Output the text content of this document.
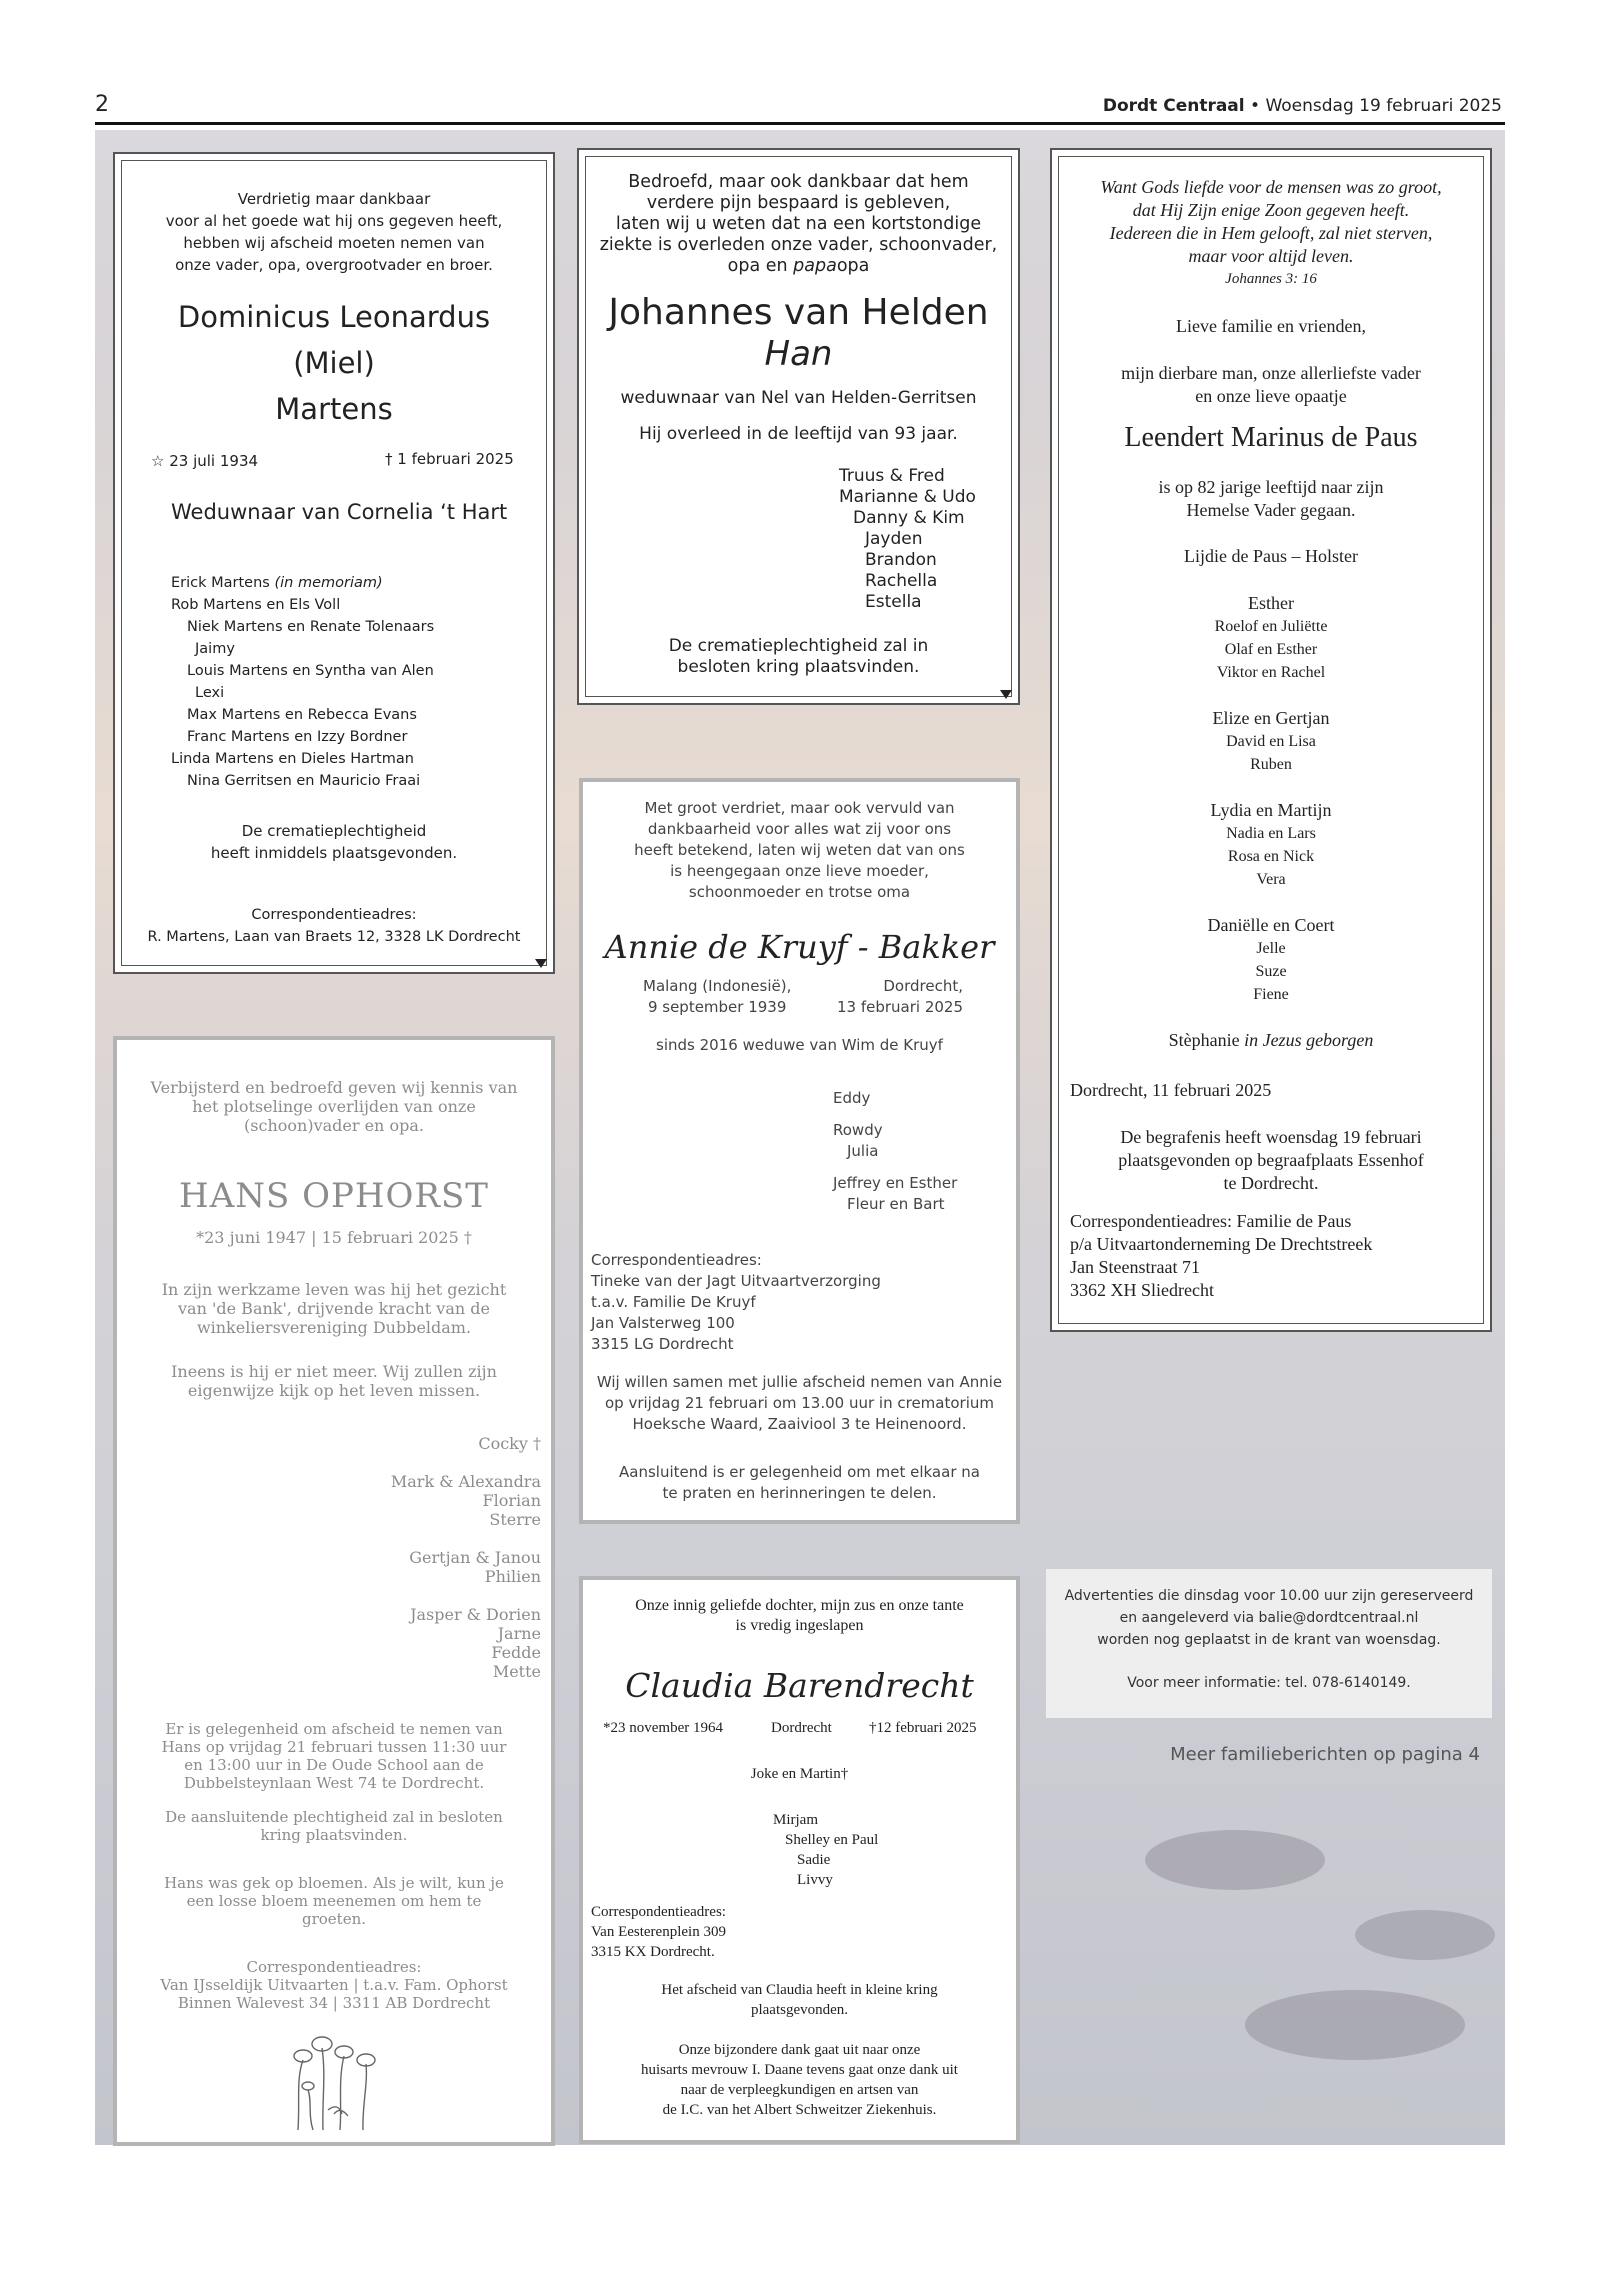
2	Dordt Centraal • Woensdag 19 februari 2025
Verdrietig maar dankbaar
voor al het goede wat hij ons gegeven heeft,
hebben wij afscheid moeten nemen van
onze vader, opa, overgrootvader en broer.
Dominicus Leonardus
(Miel)
Martens
☆ 23 juli 1934	† 1 februari 2025
Weduwnaar van Cornelia ‘t Hart
Erick Martens (in memoriam)
Rob Martens en Els Voll
Niek Martens en Renate Tolenaars
Jaimy
Louis Martens en Syntha van Alen
Lexi
Max Martens en Rebecca Evans
Franc Martens en Izzy Bordner
Linda Martens en Dieles Hartman
Nina Gerritsen en Mauricio Fraai
De crematieplechtigheid
heeft inmiddels plaatsgevonden.
Correspondentieadres:
R. Martens, Laan van Braets 12, 3328 LK Dordrecht
Bedroefd, maar ook dankbaar dat hem
verdere pijn bespaard is gebleven,
laten wij u weten dat na een kortstondige
ziekte is overleden onze vader, schoonvader,
opa en papaopa
Johannes van Helden
Han
weduwnaar van Nel van Helden-Gerritsen
Hij overleed in de leeftijd van 93 jaar.
Truus & Fred
Marianne & Udo
Danny & Kim
Jayden
Brandon
Rachella
Estella
De crematieplechtigheid zal in
besloten kring plaatsvinden.
Want Gods liefde voor de mensen was zo groot,
dat Hij Zijn enige Zoon gegeven heeft.
Iedereen die in Hem gelooft, zal niet sterven,
maar voor altijd leven.
Johannes 3: 16
Lieve familie en vrienden,
mijn dierbare man, onze allerliefste vader
en onze lieve opaatje
Leendert Marinus de Paus
is op 82 jarige leeftijd naar zijn
Hemelse Vader gegaan.
Lijdie de Paus – Holster
Esther
Roelof en Juliëtte
Olaf en Esther
Viktor en Rachel
Elize en Gertjan
David en Lisa
Ruben
Lydia en Martijn
Nadia en Lars
Rosa en Nick
Vera
Daniëlle en Coert
Jelle
Suze
Fiene
Stèphanie in Jezus geborgen
Dordrecht, 11 februari 2025
De begrafenis heeft woensdag 19 februari
plaatsgevonden op begraafplaats Essenhof
te Dordrecht.
Correspondentieadres: Familie de Paus
p/a Uitvaartonderneming De Drechtstreek
Jan Steenstraat 71
3362 XH Sliedrecht
Met groot verdriet, maar ook vervuld van
dankbaarheid voor alles wat zij voor ons
heeft betekend, laten wij weten dat van ons
is heengegaan onze lieve moeder,
schoonmoeder en trotse oma
Annie de Kruyf - Bakker
Malang (Indonesië),
9 september 1939
Dordrecht,
13 februari 2025
sinds 2016 weduwe van Wim de Kruyf
Eddy
Rowdy
Julia
Jeffrey en Esther
Fleur en Bart
Correspondentieadres:
Tineke van der Jagt Uitvaartverzorging
t.a.v. Familie De Kruyf
Jan Valsterweg 100
3315 LG Dordrecht
Wij willen samen met jullie afscheid nemen van Annie
op vrijdag 21 februari om 13.00 uur in crematorium
Hoeksche Waard, Zaaiviool 3 te Heinenoord.
Aansluitend is er gelegenheid om met elkaar na
te praten en herinneringen te delen.
Verbijsterd en bedroefd geven wij kennis van
het plotselinge overlijden van onze
(schoon)vader en opa.
HANS OPHORST
*23 juni 1947 | 15 februari 2025 †
In zijn werkzame leven was hij het gezicht
van 'de Bank', drijvende kracht van de
winkeliersvereniging Dubbeldam.
Ineens is hij er niet meer. Wij zullen zijn
eigenwijze kijk op het leven missen.
Cocky †
Mark & Alexandra
Florian
Sterre
Gertjan & Janou
Philien
Jasper & Dorien
Jarne
Fedde
Mette
Er is gelegenheid om afscheid te nemen van
Hans op vrijdag 21 februari tussen 11:30 uur
en 13:00 uur in De Oude School aan de
Dubbelsteynlaan West 74 te Dordrecht.
De aansluitende plechtigheid zal in besloten
kring plaatsvinden.
Hans was gek op bloemen. Als je wilt, kun je
een losse bloem meenemen om hem te
groeten.
Correspondentieadres:
Van IJsseldijk Uitvaarten | t.a.v. Fam. Ophorst
Binnen Walevest 34 | 3311 AB Dordrecht
Onze innig geliefde dochter, mijn zus en onze tante
is vredig ingeslapen
Claudia Barendrecht
*23 november 1964	Dordrecht †12 februari 2025
Joke en Martin†
Mirjam
Shelley en Paul
Sadie
Livvy
Correspondentieadres:
Van Eesterenplein 309
3315 KX Dordrecht.
Het afscheid van Claudia heeft in kleine kring
plaatsgevonden.
Onze bijzondere dank gaat uit naar onze
huisarts mevrouw I. Daane tevens gaat onze dank uit
naar de verpleegkundigen en artsen van
de I.C. van het Albert Schweitzer Ziekenhuis.
Advertenties die dinsdag voor 10.00 uur zijn gereserveerd
en aangeleverd via balie@dordtcentraal.nl
worden nog geplaatst in de krant van woensdag.
Voor meer informatie: tel. 078-6140149.
Meer familieberichten op pagina 4
